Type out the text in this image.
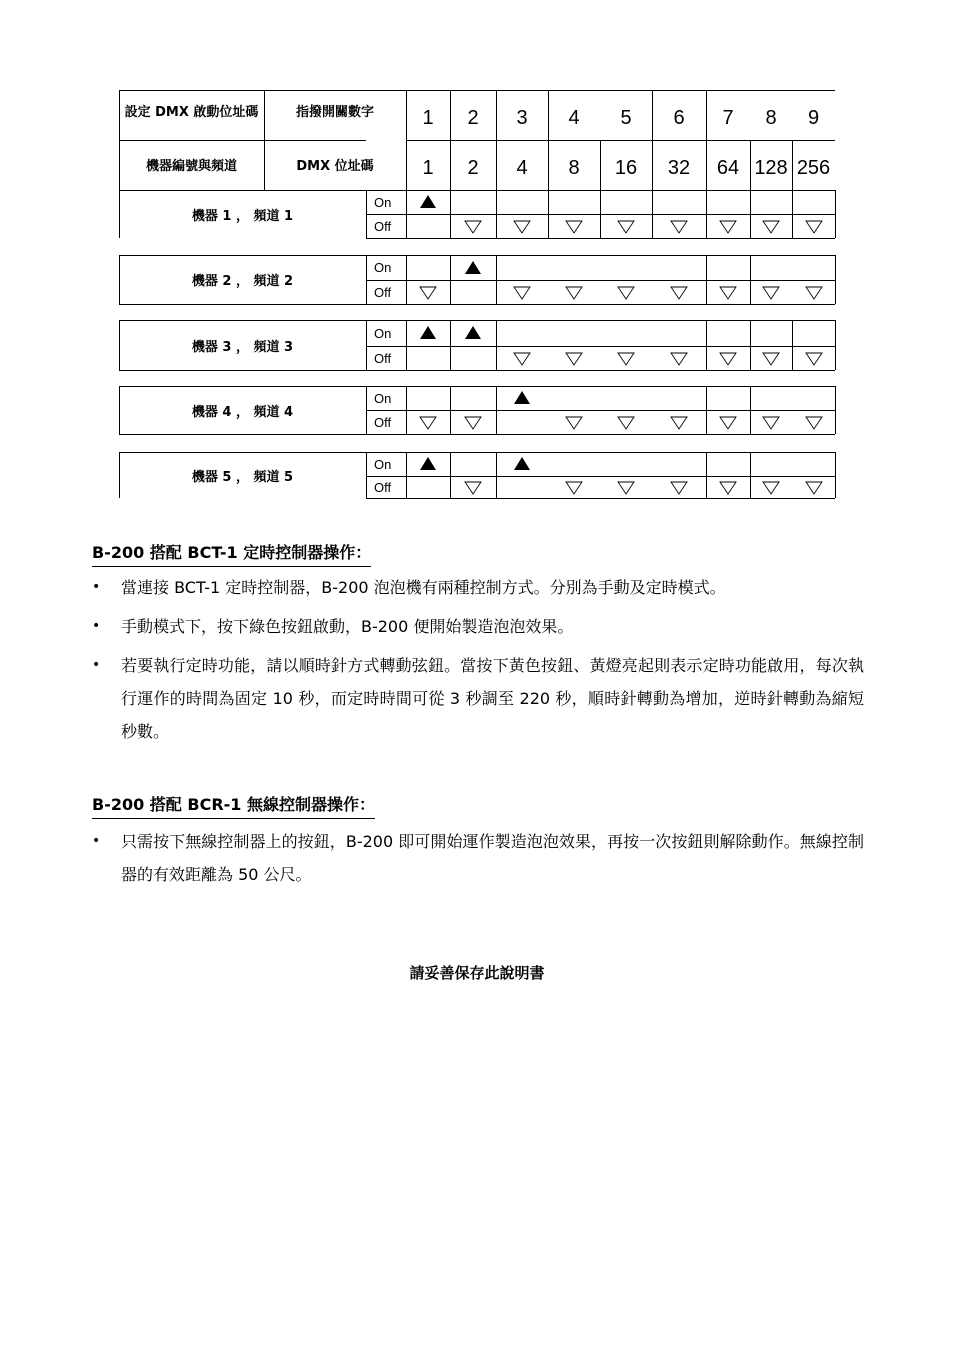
設定 DMX 啟動位址碼	指撥開關數字
機器編號與頻道	DMX 位址碼
1
1
2
2
3
4
4
8
5
16
6
32
7
64
8
128
9
256
機器 1 ， 頻道 1
On
Off
機器 2 ， 頻道 2
On
Off
機器 3 ， 頻道 3
On
Off
機器 4 ， 頻道 4
On
Off
機器 5 ， 頻道 5
On
Off
B-200 搭配 BCT-1 定時控制器操作：
• 當連接 BCT-1 定時控制器，B-200 泡泡機有兩種控制方式。分別為手動及定時模式。
• 手動模式下，按下綠色按鈕啟動，B-200 便開始製造泡泡效果。
• 若要執行定時功能，請以順時針方式轉動弦鈕。當按下黃色按鈕、黃燈亮起則表示定時功能啟用，每次執行運作的時間為固定 10 秒，而定時時間可從 3 秒調至 220 秒，順時針轉動為增加，逆時針轉動為縮短秒數。
B-200 搭配 BCR-1 無線控制器操作：
• 只需按下無線控制器上的按鈕，B-200 即可開始運作製造泡泡效果，再按一次按鈕則解除動作。無線控制器的有效距離為 50 公尺。
請妥善保存此說明書
